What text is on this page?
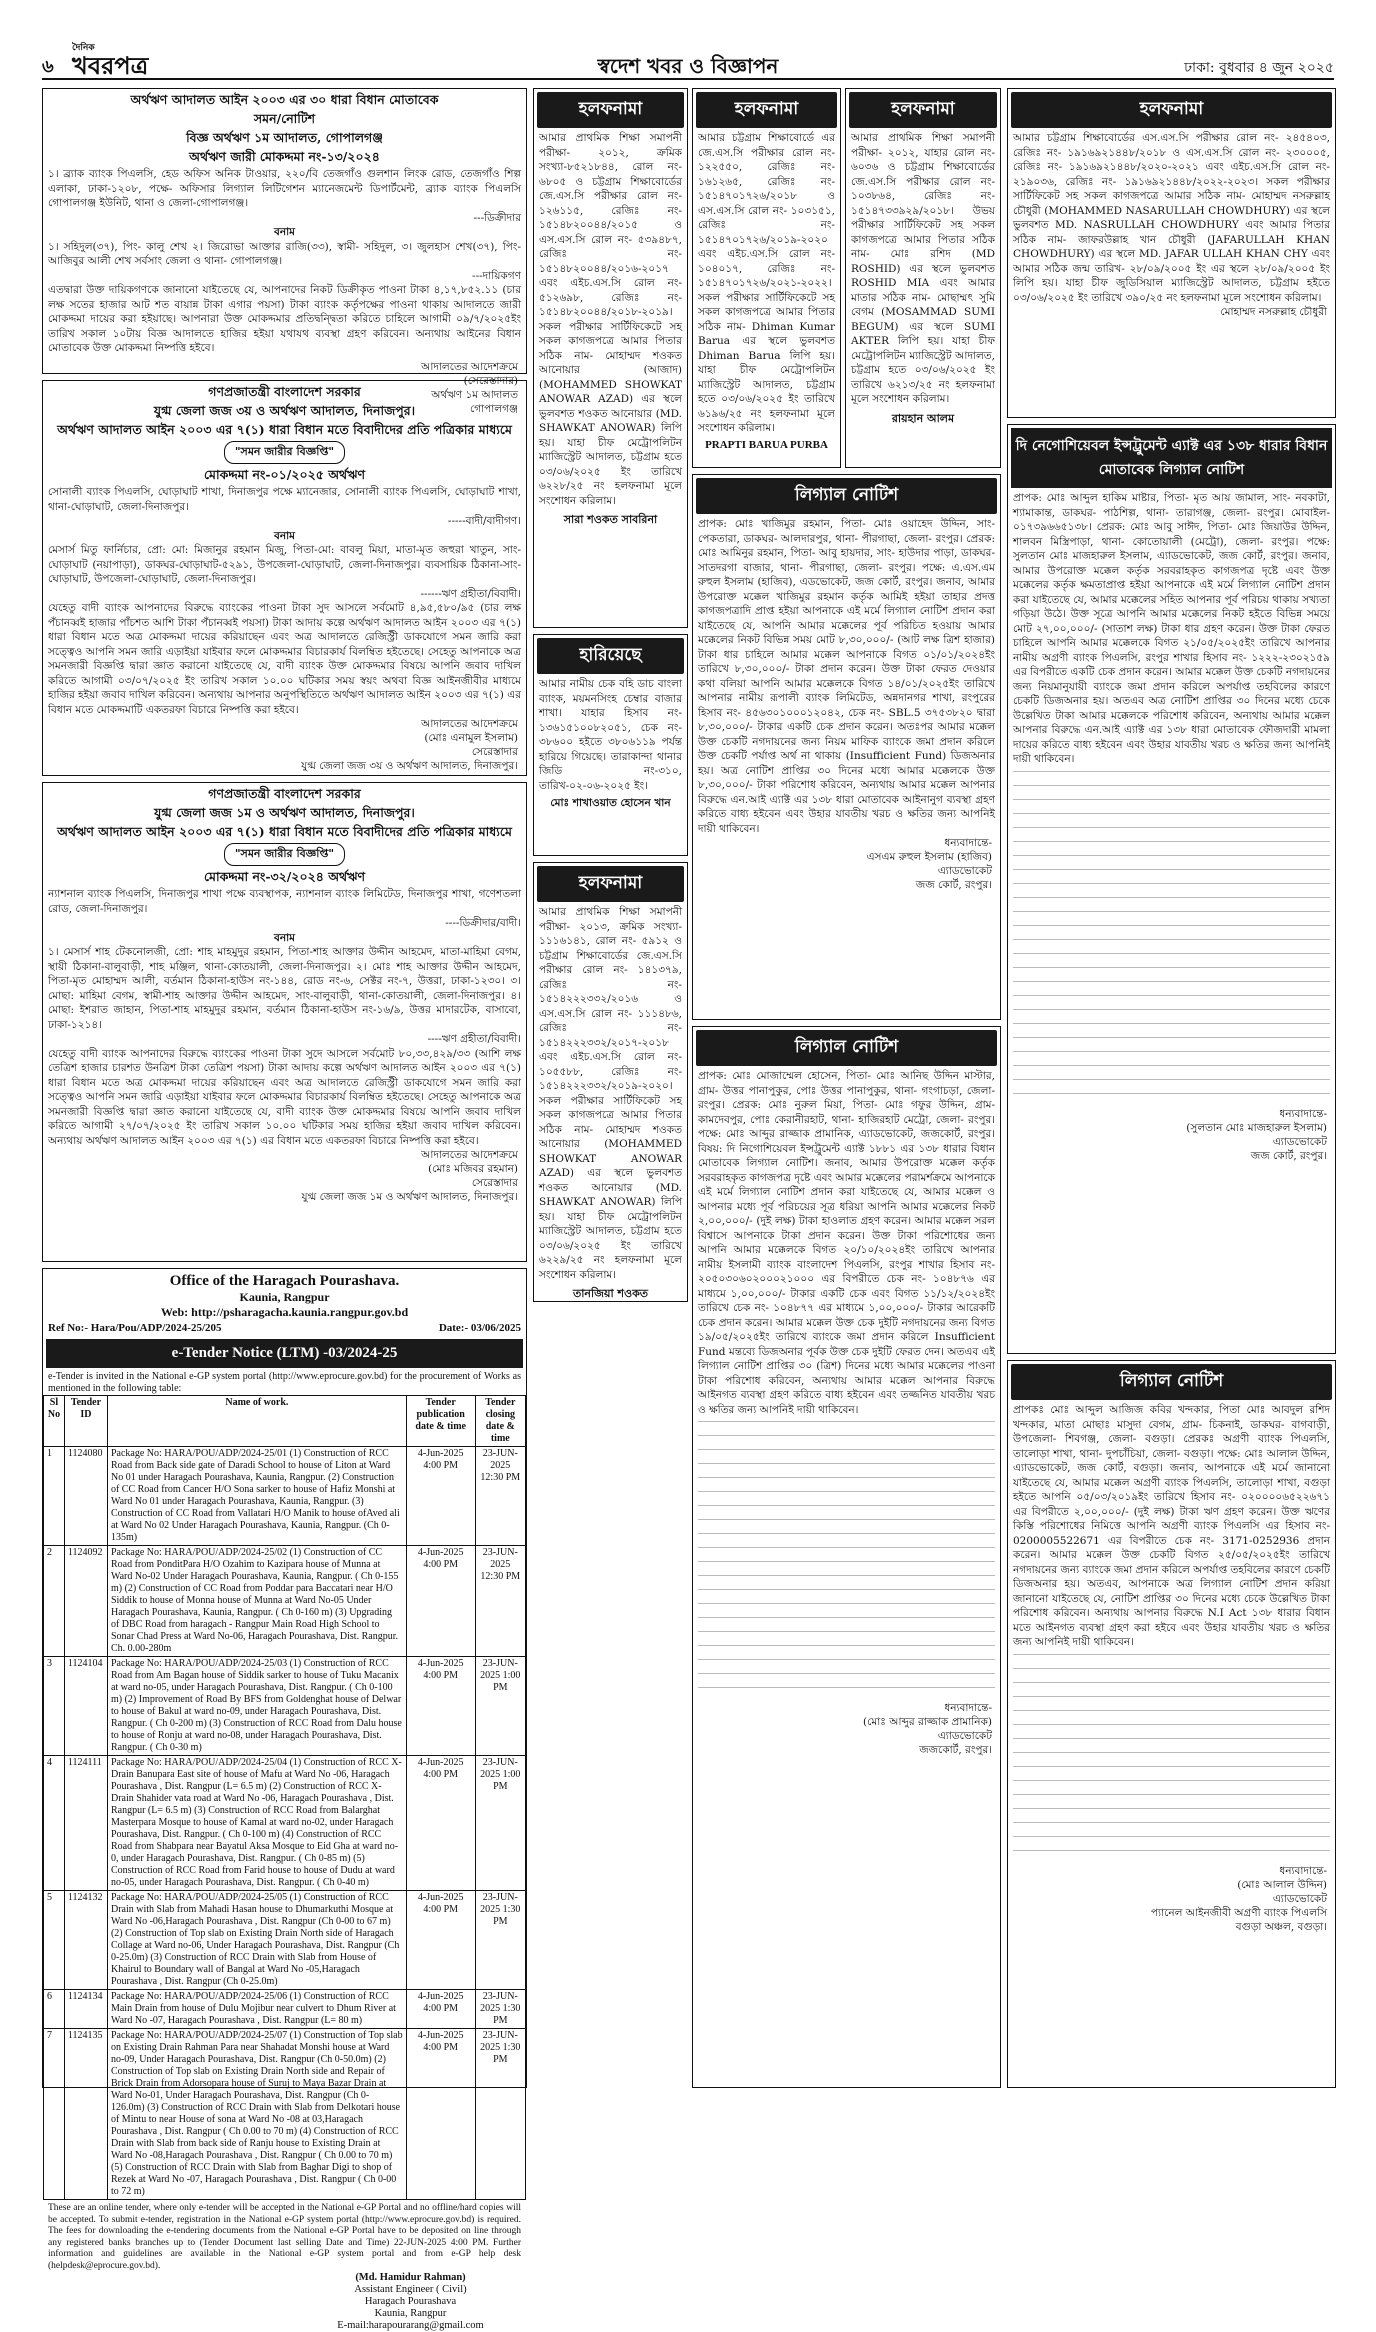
৬
দৈনিক
খবরপত্র	স্বদেশ খবর ও বিজ্ঞাপন	ঢাকা: বুধবার ৪ জুন ২০২৫
অর্থঋণ আদালত আইন ২০০৩ এর ৩০ ধারা বিধান মোতাবেক
সমন/নোটিশ
বিজ্ঞ অর্থঋণ ১ম আদালত, গোপালগঞ্জ
অর্থঋণ জারী মোকদ্দমা নং-১৩/২০২৪

১। ব্র্যাক ব্যাংক পিএলসি, হেড অফিস অনিক টাওয়ার, ২২০/বি তেজগাঁও গুলশান লিংক রোড, তেজগাঁও শিল্প এলাকা, ঢাকা-১২০৮, পক্ষে- অফিসার লিগ্যাল লিটিগেশন ম্যানেজমেন্ট ডিপার্টমেন্ট, ব্র্যাক ব্যাংক পিএলসি গোপালগঞ্জ ইউনিট, থানা ও জেলা-গোপালগঞ্জ।

---ডিক্রীদার

বনাম

১। সহিদুল(৩৭), পিং- কালু শেখ ২। জিরোভা আক্তার রাজি(৩৩), স্বামী- সহিদুল, ৩। জুলহাস শেখ(৩৭), পিং- আজিবুর আলী শেখ সর্বসাং জেলা ও থানা- গোপালগঞ্জ।

---দায়িকগণ

এতদ্বারা উক্ত দায়িকগণকে জানানো যাইতেছে যে, আপনাদের নিকট ডিক্রীকৃত পাওনা টাকা ৪,১৭,৮৫২.১১ (চার লক্ষ সতের হাজার আট শত বায়ান্ন টাকা এগার পয়সা) টাকা ব্যাংক কর্তৃপক্ষের পাওনা থাকায় আদালতে জারী মোকদ্দমা দায়ের করা হইয়াছে। আপনারা উক্ত মোকদ্দমার প্রতিদ্বন্দ্বিতা করিতে চাহিলে আগামী ০৯/৭/২০২৫ইং তারিখ সকাল ১০টায় বিজ্ঞ আদালতে হাজির হইয়া যথাযথ ব্যবস্থা গ্রহণ করিবেন। অন্যথায় আইনের বিধান মোতাবেক উক্ত মোকদ্দমা নিষ্পত্তি হইবে।

আদালতের আদেশক্রমে
(সেরেস্তাদার)
অর্থঋণ ১ম আদালত
গোপালগঞ্জ
গণপ্রজাতন্ত্রী বাংলাদেশ সরকার
যুগ্ম জেলা জজ ৩য় ও অর্থঋণ আদালত, দিনাজপুর।
অর্থঋণ আদালত আইন ২০০৩ এর ৭(১) ধারা বিধান মতে বিবাদীদের প্রতি পত্রিকার মাধ্যমে
"সমন জারীর বিজ্ঞপ্তি"
মোকদ্দমা নং-০১/২০২৫ অর্থঋণ

সোনালী ব্যাংক পিএলসি, ঘোড়াঘাট শাখা, দিনাজপুর পক্ষে ম্যানেজার, সোনালী ব্যাংক পিএলসি, ঘোড়াঘাট শাখা, থানা-ঘোড়াঘাট, জেলা-দিনাজপুর।

-----বাদী/বাদীগণ।

বনাম

মেসার্স মিতু ফার্নিচার, প্রো: মো: মিজানুর রহমান মিজু, পিতা-মো: বাবলু মিয়া, মাতা-মৃত জহুরা খাতুন, সাং-ঘোড়াঘাট (নয়াপাড়া), ডাকঘর-ঘোড়াঘাট-৫২৯১, উপজেলা-ঘোড়াঘাট, জেলা-দিনাজপুর। ব্যবসায়িক ঠিকানা-সাং-ঘোড়াঘাট, উপজেলা-ঘোড়াঘাট, জেলা-দিনাজপুর।

------ঋণ গ্রহীতা/বিবাদী।

যেহেতু বাদী ব্যাংক আপনাদের বিরুদ্ধে ব্যাংকের পাওনা টাকা সুদ আসলে সর্বমোট ৪,৯৫,৫৮০/৯৫ (চার লক্ষ পঁচানব্বই হাজার পাঁচশত আশি টাকা পঁচানব্বই পয়সা) টাকা আদায় কল্পে অর্থঋণ আদালত আইন ২০০৩ এর ৭(১) ধারা বিধান মতে অত্র মোকদ্দমা দায়ের করিয়াছেন এবং অত্র আদালতে রেজিস্ট্রী ডাকযোগে সমন জারি করা সত্ত্বেও আপনি সমন জারি এড়াইয়া যাইবার ফলে মোকদ্দমার বিচারকার্য বিলম্বিত হইতেছে। সেহেতু আপনাকে অত্র সমনজারী বিজ্ঞপ্তি দ্বারা জ্ঞাত করানো যাইতেছে যে, বাদী ব্যাংক উক্ত মোকদ্দমার বিষয়ে আপনি জবাব দাখিল করিতে আগামী ০৩/০৭/২০২৫ ইং তারিখ সকাল ১০.০০ ঘটিকার সময় স্বয়ং অথবা বিজ্ঞ আইনজীবীর মাধ্যমে হাজির হইয়া জবাব দাখিল করিবেন। অন্যথায় আপনার অনুপস্থিতিতে অর্থঋণ আদালত আইন ২০০৩ এর ৭(১) এর বিধান মতে মোকদ্দমাটি একতরফা বিচারে নিষ্পত্তি করা হইবে।

আদালতের আদেশক্রমে
(মোঃ এনামুল ইসলাম)
সেরেস্তাদার
যুগ্ম জেলা জজ ৩য় ও অর্থঋণ আদালত, দিনাজপুর।
গণপ্রজাতন্ত্রী বাংলাদেশ সরকার
যুগ্ম জেলা জজ ১ম ও অর্থঋণ আদালত, দিনাজপুর।
অর্থঋণ আদালত আইন ২০০৩ এর ৭(১) ধারা বিধান মতে বিবাদীদের প্রতি পত্রিকার মাধ্যমে
"সমন জারীর বিজ্ঞপ্তি"
মোকদ্দমা নং-৩২/২০২৪ অর্থঋণ

ন্যাশনাল ব্যাংক পিএলসি, দিনাজপুর শাখা পক্ষে ব্যবস্থাপক, ন্যাশনাল ব্যাংক লিমিটেড, দিনাজপুর শাখা, গণেশতলা রোড, জেলা-দিনাজপুর।

----ডিক্রীদার/বাদী।

বনাম

১। মেসার্স শাহ টেকনোলজী, প্রো: শাহ মাহমুদুর রহমান, পিতা-শাহ আক্তার উদ্দীন আহমেদ, মাতা-মাহিমা বেগম, স্থায়ী ঠিকানা-বালুবাড়ী, শাহ মঞ্জিল, থানা-কোতয়ালী, জেলা-দিনাজপুর। ২। মোঃ শাহ আক্তার উদ্দীন আহমেদ, পিতা-মৃত মোহাম্মদ আলী, বর্তমান ঠিকানা-হাউস নং-১৪৪, রোড নং-৬, সেক্টর নং-৭, উত্তরা, ঢাকা-১২৩০। ৩। মোছা: মাহিমা বেগম, স্বামী-শাহ আক্তার উদ্দীন আহমেদ, সাং-বালুবাড়ী, থানা-কোতয়ালী, জেলা-দিনাজপুর। ৪। মোছা: ইশরাত জাহান, পিতা-শাহ মাহমুদুর রহমান, বর্তমান ঠিকানা-হাউস নং-১৬/৯, উত্তর মাদারটেক, বাসাবো, ঢাকা-১২১৪।

----ঋণ গ্রহীতা/বিবাদী।

যেহেতু বাদী ব্যাংক আপনাদের বিরুদ্ধে ব্যাংকের পাওনা টাকা সুদে আসলে সর্বমোট ৮০,৩৩,৪২৯/৩৩ (আশি লক্ষ তেত্রিশ হাজার চারশত উনত্রিশ টাকা তেত্রিশ পয়সা) টাকা আদায় কল্পে অর্থঋণ আদালত আইন ২০০৩ এর ৭(১) ধারা বিধান মতে অত্র মোকদ্দমা দায়ের করিয়াছেন এবং অত্র আদালতে রেজিস্ট্রী ডাকযোগে সমন জারি করা সত্ত্বেও আপনি সমন জারি এড়াইয়া যাইবার ফলে মোকদ্দমার বিচারকার্য বিলম্বিত হইতেছে। সেহেতু আপনাকে অত্র সমনজারী বিজ্ঞপ্তি দ্বারা জ্ঞাত করানো যাইতেছে যে, বাদী ব্যাংক উক্ত মোকদ্দমার বিষয়ে আপনি জবাব দাখিল করিতে আগামী ২৭/০৭/২০২৫ ইং তারিখ সকাল ১০.০০ ঘটিকার সময় হাজির হইয়া জবাব দাখিল করিবেন। অন্যথায় অর্থঋণ আদালত আইন ২০০৩ এর ৭(১) এর বিধান মতে একতরফা বিচারে নিষ্পত্তি করা হইবে।

আদালতের আদেশক্রমে
(মোঃ মজিবর রহমান)
সেরেস্তাদার
যুগ্ম জেলা জজ ১ম ও অর্থঋণ আদালত, দিনাজপুর।
Office of the Haragach Pourashava.
Kaunia, Rangpur
Web: http://psharagacha.kaunia.rangpur.gov.bd
Ref No:- Hara/Pou/ADP/2024-25/205	Date:- 03/06/2025
e-Tender Notice (LTM) -03/2024-25

e-Tender is invited in the National e-GP system portal (http://www.eprocure.gov.bd) for the procurement of Works as mentioned in the following table:

Sl No	Tender ID	Name of work.	Tender publication date & time	Tender closing date & time
1	1124080	Package No: HARA/POU/ADP/2024-25/01 (1) Construction of RCC Road from Back side gate of Daradi School to house of Liton at Ward No 01 under Haragach Pourashava, Kaunia, Rangpur. (2) Construction of CC Road from Cancer H/O Sona sarker to house of Hafiz Monshi at Ward No 01 under Haragach Pourashava, Kaunia, Rangpur. (3) Construction of CC Road from Vallatari H/O Manik to house ofAved ali at Ward No 02 Under Haragach Pourashava, Kaunia, Rangpur. (Ch 0-135m)	4-Jun-2025 4:00 PM	23-JUN-2025 12:30 PM
2	1124092	Package No: HARA/POU/ADP/2024-25/02 (1) Construction of CC Road from PonditPara H/O Ozahim to Kazipara house of Munna at Ward No-02 Under Haragach Pourashava, Kaunia, Rangpur. ( Ch 0-155 m) (2) Construction of CC Road from Poddar para Baccatari near H/O Siddik to house of Monna house of Munna at Ward No-05 Under Haragach Pourashava, Kaunia, Rangpur. ( Ch 0-160 m) (3) Upgrading of DBC Road from haragach - Rangpur Main Road High School to Sonar Chad Press at Ward No-06, Haragach Pourashava, Dist. Rangpur. Ch. 0.00-280m	4-Jun-2025 4:00 PM	23-JUN-2025 12:30 PM
3	1124104	Package No: HARA/POU/ADP/2024-25/03 (1) Construction of RCC Road from Am Bagan house of Siddik sarker to house of Tuku Macanix at ward no-05, under Haragach Pourashava, Dist. Rangpur. ( Ch 0-100 m) (2) Improvement of Road By BFS from Goldenghat house of Delwar to house of Bakul at ward no-09, under Haragach Pourashava, Dist. Rangpur. ( Ch 0-200 m) (3) Construction of RCC Road from Dalu house to house of Ronju at ward no-08, under Haragach Pourashava, Dist. Rangpur. ( Ch 0-30 m)	4-Jun-2025 4:00 PM	23-JUN-2025 1:00 PM
4	1124111	Package No: HARA/POU/ADP/2024-25/04 (1) Construction of RCC X-Drain Banupara East site of house of Mafu at Ward No -06, Haragach Pourashava , Dist. Rangpur (L= 6.5 m) (2) Construction of RCC X-Drain Shahider vata road at Ward No -06, Haragach Pourashava , Dist. Rangpur (L= 6.5 m) (3) Construction of RCC Road from Balarghat Masterpara Mosque to house of Kamal at ward no-02, under Haragach Pourashava, Dist. Rangpur. ( Ch 0-100 m) (4) Construction of RCC Road from Shabpara near Bayatul Aksa Mosque to Eid Gha at ward no-0, under Haragach Pourashava, Dist. Rangpur. ( Ch 0-85 m) (5) Construction of RCC Road from Farid house to house of Dudu at ward no-05, under Haragach Pourashava, Dist. Rangpur. ( Ch 0-40 m)	4-Jun-2025 4:00 PM	23-JUN-2025 1:00 PM
5	1124132	Package No: HARA/POU/ADP/2024-25/05 (1) Construction of RCC Drain with Slab from Mahadi Hasan house to Dhumarkuthi Mosque at Ward No -06,Haragach Pourashava , Dist. Rangpur (Ch 0-00 to 67 m) (2) Construction of Top slab on Existing Drain North side of Haragach Collage at Ward no-06, Under Haragach Pourashava, Dist. Rangpur (Ch 0-25.0m) (3) Construction of RCC Drain with Slab from House of Khairul to Boundary wall of Bangal at Ward No -05,Haragach Pourashava , Dist. Rangpur (Ch 0-25.0m)	4-Jun-2025 4:00 PM	23-JUN-2025 1:30 PM
6	1124134	Package No: HARA/POU/ADP/2024-25/06 (1) Construction of RCC Main Drain from house of Dulu Mojibur near culvert to Dhum River at Ward No -07, Haragach Pourashava , Dist. Rangpur (L= 80 m)	4-Jun-2025 4:00 PM	23-JUN-2025 1:30 PM
7	1124135	Package No: HARA/POU/ADP/2024-25/07 (1) Construction of Top slab on Existing Drain Rahman Para near Shahadat Monshi house at Ward no-09, Under Haragach Pourashava, Dist. Rangpur (Ch 0-50.0m) (2) Construction of Top slab on Existing Drain North side and Repair of Brick Drain from Adorsopara house of Suruj to Maya Bazar Drain at Ward No-01, Under Haragach Pourashava, Dist. Rangpur (Ch 0-126.0m) (3) Construction of RCC Drain with Slab from Delkotari house of Mintu to near House of sona at Ward No -08 at 03,Haragach Pourashava , Dist. Rangpur ( Ch 0.00 to 70 m) (4) Construction of RCC Drain with Slab from back side of Ranju house to Existing Drain at Ward No -08,Haragach Pourashava , Dist. Rangpur ( Ch 0.00 to 70 m) (5) Construction of RCC Drain with Slab from Baghar Digi to shop of Rezek at Ward No -07, Haragach Pourashava , Dist. Rangpur ( Ch 0-00 to 72 m)	4-Jun-2025 4:00 PM	23-JUN-2025 1:30 PM

These are an online tender, where only e-tender will be accepted in the National e-GP Portal and no offline/hard copies will be accepted. To submit e-tender, registration in the National e-GP system portal (http://www.eprocure.gov.bd) is required. The fees for downloading the e-tendering documents from the National e-GP Portal have to be deposited on line through any registered banks branches up to (Tender Document last selling Date and Time) 22-JUN-2025 4:00 PM. Further information and guidelines are available in the National e-GP system portal and from e-GP help desk (helpdesk@eprocure.gov.bd).

(Md. Hamidur Rahman)
Assistant Engineer ( Civil)
Haragach Pourashava
Kaunia, Rangpur
E-mail:harapourarang@gmail.com
হলফনামা

আমার প্রাথমিক শিক্ষা সমাপনী পরীক্ষা- ২০১২, ক্রমিক সংখ্যা-৮৫২১৮৪৪, রোল নং- ৬৮০৫ ও চট্টগ্রাম শিক্ষাবোর্ডের জে.এস.সি পরীক্ষার রোল নং- ১২৬১১৫, রেজিঃ নং- ১৫১৪৮২০০৪৪/২০১৫ ও এস.এস.সি রোল নং- ৫৩৯৪৮৭, রেজিঃ নং- ১৫১৪৮২০০৪৪/২০১৬-২০১৭ এবং এইচ.এস.সি রোল নং- ৫১২৬৯৮, রেজিঃ নং- ১৫১৪৮২০০৪৪/২০১৮-২০১৯। সকল পরীক্ষার সার্টিফিকেটে সহ সকল কাগজপত্রে আমার পিতার সঠিক নাম- মোহাম্মদ শওকত আনোয়ার (আজাদ) (MOHAMMED SHOWKAT ANOWAR AZAD) এর স্থলে ভুলবশত শওকত আনোয়ার (MD. SHAWKAT ANOWAR) লিপি হয়। যাহা চীফ মেট্রোপলিটন ম্যাজিস্ট্রেট আদালত, চট্টগ্রাম হতে ০৩/০৬/২০২৫ ইং তারিখে ৬২২৮/২৫ নং হলফনামা মূলে সংশোধন করিলাম।

সারা শওকত সাবরিনা
হারিয়েছে

আমার নামীয় চেক বহি ডাচ বাংলা ব্যাংক, ময়মনসিংহ চেম্বার বাজার শাখা। যাহার হিসাব নং- ১৩৬১৫১০০৮২০৫১, চেক নং- ৩৮৬০০ হইতে ৩৮০৬১১৯ পর্যন্ত হারিয়ে গিয়েছে। তারাকান্দা থানার জিডি নং-৩১০, তারিখ-০২-০৬-২০২৫ ইং।

মোঃ শাখাওয়াত হোসেন খান
হলফনামা

আমার প্রাথমিক শিক্ষা সমাপনী পরীক্ষা- ২০১৩, ক্রমিক সংখ্যা- ১১১৬১৪১, রোল নং- ৫৯১২ ও চট্টগ্রাম শিক্ষাবোর্ডের জে.এস.সি পরীক্ষার রোল নং- ১৪১৩৭৯, রেজিঃ নং- ১৫১৪২২২৩৩২/২০১৬ ও এস.এস.সি রোল নং- ১১১৪৮৬, রেজিঃ নং- ১৫১৪২২২৩৩২/২০১৭-২০১৮ এবং এইচ.এস.সি রোল নং- ১০৫৫৮৮, রেজিঃ নং- ১৫১৪২২২৩৩২/২০১৯-২০২০। সকল পরীক্ষার সার্টিফিকেট সহ সকল কাগজপত্রে আমার পিতার সঠিক নাম- মোহাম্মদ শওকত আনোয়ার (MOHAMMED SHOWKAT ANOWAR AZAD) এর স্থলে ভুলবশত শওকত আনোয়ার (MD. SHAWKAT ANOWAR) লিপি হয়। যাহা চীফ মেট্রোপলিটন ম্যাজিস্ট্রেট আদালত, চট্টগ্রাম হতে ০৩/০৬/২০২৫ ইং তারিখে ৬২২৯/২৫ নং হলফনামা মূলে সংশোধন করিলাম।

তানজিয়া শওকত
হলফনামা

আমার চট্টগ্রাম শিক্ষাবোর্ডে এর জে.এস.সি পরীক্ষার রোল নং- ১২২৫৫০, রেজিঃ নং- ১৬১২৬৫, রেজিঃ নং- ১৫১৪৭০১৭২৬/২০১৮ ও এস.এস.সি রোল নং- ১০৩১৫১, রেজিঃ নং- ১৫১৪৭০১৭২৬/২০১৯-২০২০ এবং এইচ.এস.সি রোল নং- ১০৪০১৭, রেজিঃ নং- ১৫১৪৭০১৭২৬/২০২১-২০২২। সকল পরীক্ষার সার্টিফিকেটে সহ সকল কাগজপত্রে আমার পিতার সঠিক নাম- Dhiman Kumar Barua এর স্থলে ভুলবশত Dhiman Barua লিপি হয়। যাহা চীফ মেট্রোপলিটন ম্যাজিস্ট্রেট আদালত, চট্টগ্রাম হতে ০৩/০৬/২০২৫ ইং তারিখে ৬১৯৬/২৫ নং হলফনামা মূলে সংশোধন করিলাম।

PRAPTI BARUA PURBA
হলফনামা

আমার প্রাথমিক শিক্ষা সমাপনী পরীক্ষা- ২০১২, যাহার রোল নং- ৬০৩৬ ও চট্টগ্রাম শিক্ষাবোর্ডের জে.এস.সি পরীক্ষার রোল নং- ১০৩৮৬৪, রেজিঃ নং- ১৫১৪৭৩৩৯২৯/২০১৮। উভয় পরীক্ষার সার্টিফিকেট সহ সকল কাগজপত্রে আমার পিতার সঠিক নাম- মোঃ রশিদ (MD ROSHID) এর স্থলে ভুলবশত ROSHID MIA এবং আমার মাতার সঠিক নাম- মোছাম্মৎ সুমি বেগম (MOSAMMAD SUMI BEGUM) এর স্থলে SUMI AKTER লিপি হয়। যাহা চীফ মেট্রোপলিটন ম্যাজিস্ট্রেট আদালত, চট্টগ্রাম হতে ০৩/০৬/২০২৫ ইং তারিখে ৬২১৩/২৫ নং হলফনামা মূলে সংশোধন করিলাম।

রায়হান আলম
লিগ্যাল নোটিশ

প্রাপক: মোঃ খাজিমুর রহমান, পিতা- মোঃ ওয়াহেদ উদ্দিন, সাং- পেকতারা, ডাকঘর- আলদারপুর, থানা- পীরগাছা, জেলা- রংপুর। প্রেরক: মোঃ আমিনুর রহমান, পিতা- আবু হায়দার, সাং- হাউদার পাড়া, ডাকঘর- সাতদরগা বাজার, থানা- পীরগাছা, জেলা- রংপুর। পক্ষে: এ.এস.এম রুহুল ইসলাম (হাজিব), এডভোকেট, জজ কোর্ট, রংপুর। জনাব, আমার উপরোক্ত মক্কেল খাজিমুর রহমান কর্তৃক আমিই হইয়া তাহার প্রদত্ত কাগজপত্রাদি প্রাপ্ত হইয়া আপনাকে এই মর্মে লিগ্যাল নোটিশ প্রদান করা যাইতেছে যে, আপনি আমার মক্কেলের পূর্ব পরিচিত হওয়ায় আমার মক্কেলের নিকট বিভিন্ন সময় মোট ৮,৩০,০০০/- (আট লক্ষ ত্রিশ হাজার) টাকা ধার চাহিলে আমার মক্কেল আপনাকে বিগত ০১/০১/২০২৪ইং তারিখে ৮,৩০,০০০/- টাকা প্রদান করেন। উক্ত টাকা ফেরত দেওয়ার কথা বলিয়া আপনি আমার মক্কেলকে বিগত ১৪/০১/২০২৫ইং তারিখে আপনার নামীয় রূপালী ব্যাংক লিমিটেড, অন্নদানগর শাখা, রংপুরের হিসাব নং- ৪৫৬৩০১০০০১২০৪২, চেক নং- SBL.5 ৩৭৫৩৮২০ দ্বারা ৮,৩০,০০০/- টাকার একটি চেক প্রদান করেন। অতঃপর আমার মক্কেল উক্ত চেকটি নগদায়নের জন্য নিয়ম মাফিক ব্যাংকে জমা প্রদান করিলে উক্ত চেকটি পর্যাপ্ত অর্থ না থাকায় (Insufficient Fund) ডিজঅনার হয়। অত্র নোটিশ প্রাপ্তির ৩০ দিনের মধ্যে আমার মক্কেলকে উক্ত ৮,৩০,০০০/- টাকা পরিশোধ করিবেন, অন্যথায় আমার মক্কেল আপনার বিরুদ্ধে এন.আই এ্যাক্ট এর ১৩৮ ধারা মোতাবেক আইনানুগ ব্যবস্থা গ্রহণ করিতে বাধ্য হইবেন এবং উহার যাবতীয় খরচ ও ক্ষতির জন্য আপনিই দায়ী থাকিবেন।

ধন্যবাদান্তে-
এসএম রুহুল ইসলাম (হাজিব)
এ্যাডভোকেট
জজ কোর্ট, রংপুর।
লিগ্যাল নোটিশ

প্রাপক: মোঃ মোজাম্মেল হোসেন, পিতা- মোঃ আনিছ উদ্দিন মাস্টার, গ্রাম- উত্তর পানাপুকুর, পোঃ উত্তর পানাপুকুর, থানা- গংগাচড়া, জেলা- রংপুর। প্রেরক: মোঃ নুরুল মিয়া, পিতা- মোঃ গফুর উদ্দিন, গ্রাম- কামদেবপুর, পোঃ কেরানীরহাট, থানা- হাজিরহাট মেট্রো, জেলা- রংপুর। পক্ষে: মোঃ আব্দুর রাজ্জাক প্রামানিক, এ্যাডভোকেট, জজকোর্ট, রংপুর। বিষয়: দি নিগোশিয়েবল ইন্সট্রুমেন্ট এ্যাক্ট ১৮৮১ এর ১৩৮ ধারার বিধান মোতাবেক লিগ্যাল নোটিশ। জনাব, আমার উপরোক্ত মক্কেল কর্তৃক সরবরাহকৃত কাগজপত্র দৃষ্টে এবং আমার মক্কেলের পরামর্শক্রমে আপনাকে এই মর্মে লিগ্যাল নোটিশ প্রদান করা যাইতেছে যে, আমার মক্কেল ও আপনার মধ্যে পূর্ব পরিচয়ের সূত্র ধরিয়া আপনি আমার মক্কেলের নিকট ২,০০,০০০/- (দুই লক্ষ) টাকা হাওলাত গ্রহণ করেন। আমার মক্কেল সরল বিশ্বাসে আপনাকে টাকা প্রদান করেন। উক্ত টাকা পরিশোধের জন্য আপনি আমার মক্কেলকে বিগত ২০/১০/২০২৪ইং তারিখে আপনার নামীয় ইসলামী ব্যাংক বাংলাদেশ পিএলসি, রংপুর শাখার হিসাব নং- ২০৫০৩০৬০২০০০২১০০০ এর বিপরীতে চেক নং- ১০৪৮৭৬ এর মাধ্যমে ১,০০,০০০/- টাকার একটি চেক এবং বিগত ১১/১২/২০২৪ইং তারিখে চেক নং- ১০৪৮৭৭ এর মাধ্যমে ১,০০,০০০/- টাকার আরেকটি চেক প্রদান করেন। আমার মক্কেল উক্ত চেক দুইটি নগদায়নের জন্য বিগত ১৯/০৫/২০২৫ইং তারিখে ব্যাংকে জমা প্রদান করিলে Insufficient Fund মন্তব্যে ডিজঅনার পূর্বক উক্ত চেক দুইটি ফেরত দেন। অতএব এই লিগ্যাল নোটিশ প্রাপ্তির ৩০ (ত্রিশ) দিনের মধ্যে আমার মক্কেলের পাওনা টাকা পরিশোধ করিবেন, অন্যথায় আমার মক্কেল আপনার বিরুদ্ধে আইনগত ব্যবস্থা গ্রহণ করিতে বাধ্য হইবেন এবং তজ্জনিত যাবতীয় খরচ ও ক্ষতির জন্য আপনিই দায়ী থাকিবেন।

ধন্যবাদান্তে-
(মোঃ আব্দুর রাজ্জাক প্রামানিক)
এ্যাডভোকেট
জজকোর্ট, রংপুর।
হলফনামা

আমার চট্টগ্রাম শিক্ষাবোর্ডের এস.এস.সি পরীক্ষার রোল নং- ২৪৫৪০৩, রেজিঃ নং- ১৯১৬৯২১৪৪৮/২০১৮ ও এস.এস.সি রোল নং- ২৩০০০৫, রেজিঃ নং- ১৯১৬৯২১৪৪৮/২০২০-২০২১ এবং এইচ.এস.সি রোল নং- ২১৯০৩৬, রেজিঃ নং- ১৯১৬৯২১৪৪৮/২০২২-২০২৩। সকল পরীক্ষার সার্টিফিকেট সহ সকল কাগজপত্রে আমার সঠিক নাম- মোহাম্মদ নসরুল্লাহ চৌধুরী (MOHAMMED NASARULLAH CHOWDHURY) এর স্থলে ভুলবশত MD. NASRULLAH CHOWDHURY এবং আমার পিতার সঠিক নাম- জাফরউল্লাহ খান চৌধুরী (JAFARULLAH KHAN CHOWDHURY) এর স্থলে MD. JAFAR ULLAH KHAN CHY এবং আমার সঠিক জন্ম তারিখ- ২৮/০৯/২০০৫ ইং এর স্থলে ২৮/০৯/২০০৫ ইং লিপি হয়। যাহা চীফ জুডিসিয়াল ম্যাজিস্ট্রেট আদালত, চট্টগ্রাম হইতে ০৩/০৬/২০২৫ ইং তারিখে ৩৯০/২৫ নং হলফনামা মূলে সংশোধন করিলাম।

মোহাম্মদ নসরুল্লাহ চৌধুরী
দি নেগোশিয়েবল ইন্সট্রুমেন্ট এ্যাক্ট এর ১৩৮ ধারার বিধান মোতাবেক লিগ্যাল নোটিশ

প্রাপক: মোঃ আব্দুল হাকিম মাষ্টার, পিতা- মৃত আয় জামাল, সাং- নবকাটা, শ্যামাকান্ত, ডাকঘর- পাঠশিল্প, থানা- তারাগঞ্জ, জেলা- রংপুর। মোবাইল- ০১৭৩৯৬৬৫১৩৮। প্রেরক: মোঃ আবু সাঈদ, পিতা- মোঃ জিয়াউর উদ্দিন, শালবন মিস্ত্রিপাড়া, থানা- কোতোয়ালী (মেট্রো), জেলা- রংপুর। পক্ষে: সুলতান মোঃ মাজহারুল ইসলাম, এ্যাডভোকেট, জজ কোর্ট, রংপুর। জনাব, আমার উপরোক্ত মক্কেল কর্তৃক সরবরাহকৃত কাগজপত্র দৃষ্টে এবং উক্ত মক্কেলের কর্তৃক ক্ষমতাপ্রাপ্ত হইয়া আপনাকে এই মর্মে লিগ্যাল নোটিশ প্রদান করা যাইতেছে যে, আমার মক্কেলের সহিত আপনার পূর্ব পরিচয় থাকায় সখ্যতা গড়িয়া উঠে। উক্ত সূত্রে আপনি আমার মক্কেলের নিকট হইতে বিভিন্ন সময়ে মোট ২৭,০০,০০০/- (সাতাশ লক্ষ) টাকা ধার গ্রহণ করেন। উক্ত টাকা ফেরত চাহিলে আপনি আমার মক্কেলকে বিগত ২১/০৫/২০২৫ইং তারিখে আপনার নামীয় অগ্রণী ব্যাংক পিএলসি, রংপুর শাখার হিসাব নং- ১২২২-২৩০২১৫৯ এর বিপরীতে একটি চেক প্রদান করেন। আমার মক্কেল উক্ত চেকটি নগদায়নের জন্য নিয়মানুযায়ী ব্যাংকে জমা প্রদান করিলে অপর্যাপ্ত তহবিলের কারণে চেকটি ডিজঅনার হয়। অতএব অত্র নোটিশ প্রাপ্তির ৩০ দিনের মধ্যে চেকে উল্লেখিত টাকা আমার মক্কেলকে পরিশোধ করিবেন, অন্যথায় আমার মক্কেল আপনার বিরুদ্ধে এন.আই এ্যাক্ট এর ১৩৮ ধারা মোতাবেক ফৌজদারী মামলা দায়ের করিতে বাধ্য হইবেন এবং উহার যাবতীয় খরচ ও ক্ষতির জন্য আপনিই দায়ী থাকিবেন।

ধন্যবাদান্তে-
(সুলতান মোঃ মাজহারুল ইসলাম)
এ্যাডভোকেট
জজ কোর্ট, রংপুর।
লিগ্যাল নোটিশ

প্রাপকঃ মোঃ আব্দুল আজিজ কবির খন্দকার, পিতা মোঃ আবদুল রশিদ খন্দকার, মাতা মোছাঃ মাসুদা বেগম, গ্রাম- চিকনাই, ডাকঘর- বাগবাড়ী, উপজেলা- শিবগঞ্জ, জেলা- বগুড়া। প্রেরকঃ অগ্রণী ব্যাংক পিএলসি, তালোড়া শাখা, থানা- দুপচাঁচিয়া, জেলা- বগুড়া। পক্ষে: মোঃ আলাল উদ্দিন, এ্যাডভোকেট, জজ কোর্ট, বগুড়া। জনাব, আপনাকে এই মর্মে জানানো যাইতেছে যে, আমার মক্কেল অগ্রণী ব্যাংক পিএলসি, তালোড়া শাখা, বগুড়া হইতে আপনি ০৫/০৩/২০১৯ইং তারিখে হিসাব নং- ০২০০০০৬৫২২৬৭১ এর বিপরীতে ২,০০,০০০/- (দুই লক্ষ) টাকা ঋণ গ্রহণ করেন। উক্ত ঋণের কিস্তি পরিশোধের নিমিত্তে আপনি অগ্রণী ব্যাংক পিএলসি এর হিসাব নং- 0200005522671 এর বিপরীতে চেক নং- 3171-0252936 প্রদান করেন। আমার মক্কেল উক্ত চেকটি বিগত ২৫/০৫/২০২৫ইং তারিখে নগদায়নের জন্য ব্যাংকে জমা প্রদান করিলে অপর্যাপ্ত তহবিলের কারণে চেকটি ডিজঅনার হয়। অতএব, আপনাকে অত্র লিগ্যাল নোটিশ প্রদান করিয়া জানানো যাইতেছে যে, নোটিশ প্রাপ্তির ৩০ দিনের মধ্যে চেকে উল্লেখিত টাকা পরিশোধ করিবেন। অন্যথায় আপনার বিরুদ্ধে N.I Act ১৩৮ ধারার বিধান মতে আইনগত ব্যবস্থা গ্রহণ করা হইবে এবং উহার যাবতীয় খরচ ও ক্ষতির জন্য আপনিই দায়ী থাকিবেন।

ধন্যবাদান্তে-
(মোঃ আলাল উদ্দিন)
এ্যাডভোকেট
প্যানেল আইনজীবী অগ্রণী ব্যাংক পিএলসি
বগুড়া অঞ্চল, বগুড়া।
